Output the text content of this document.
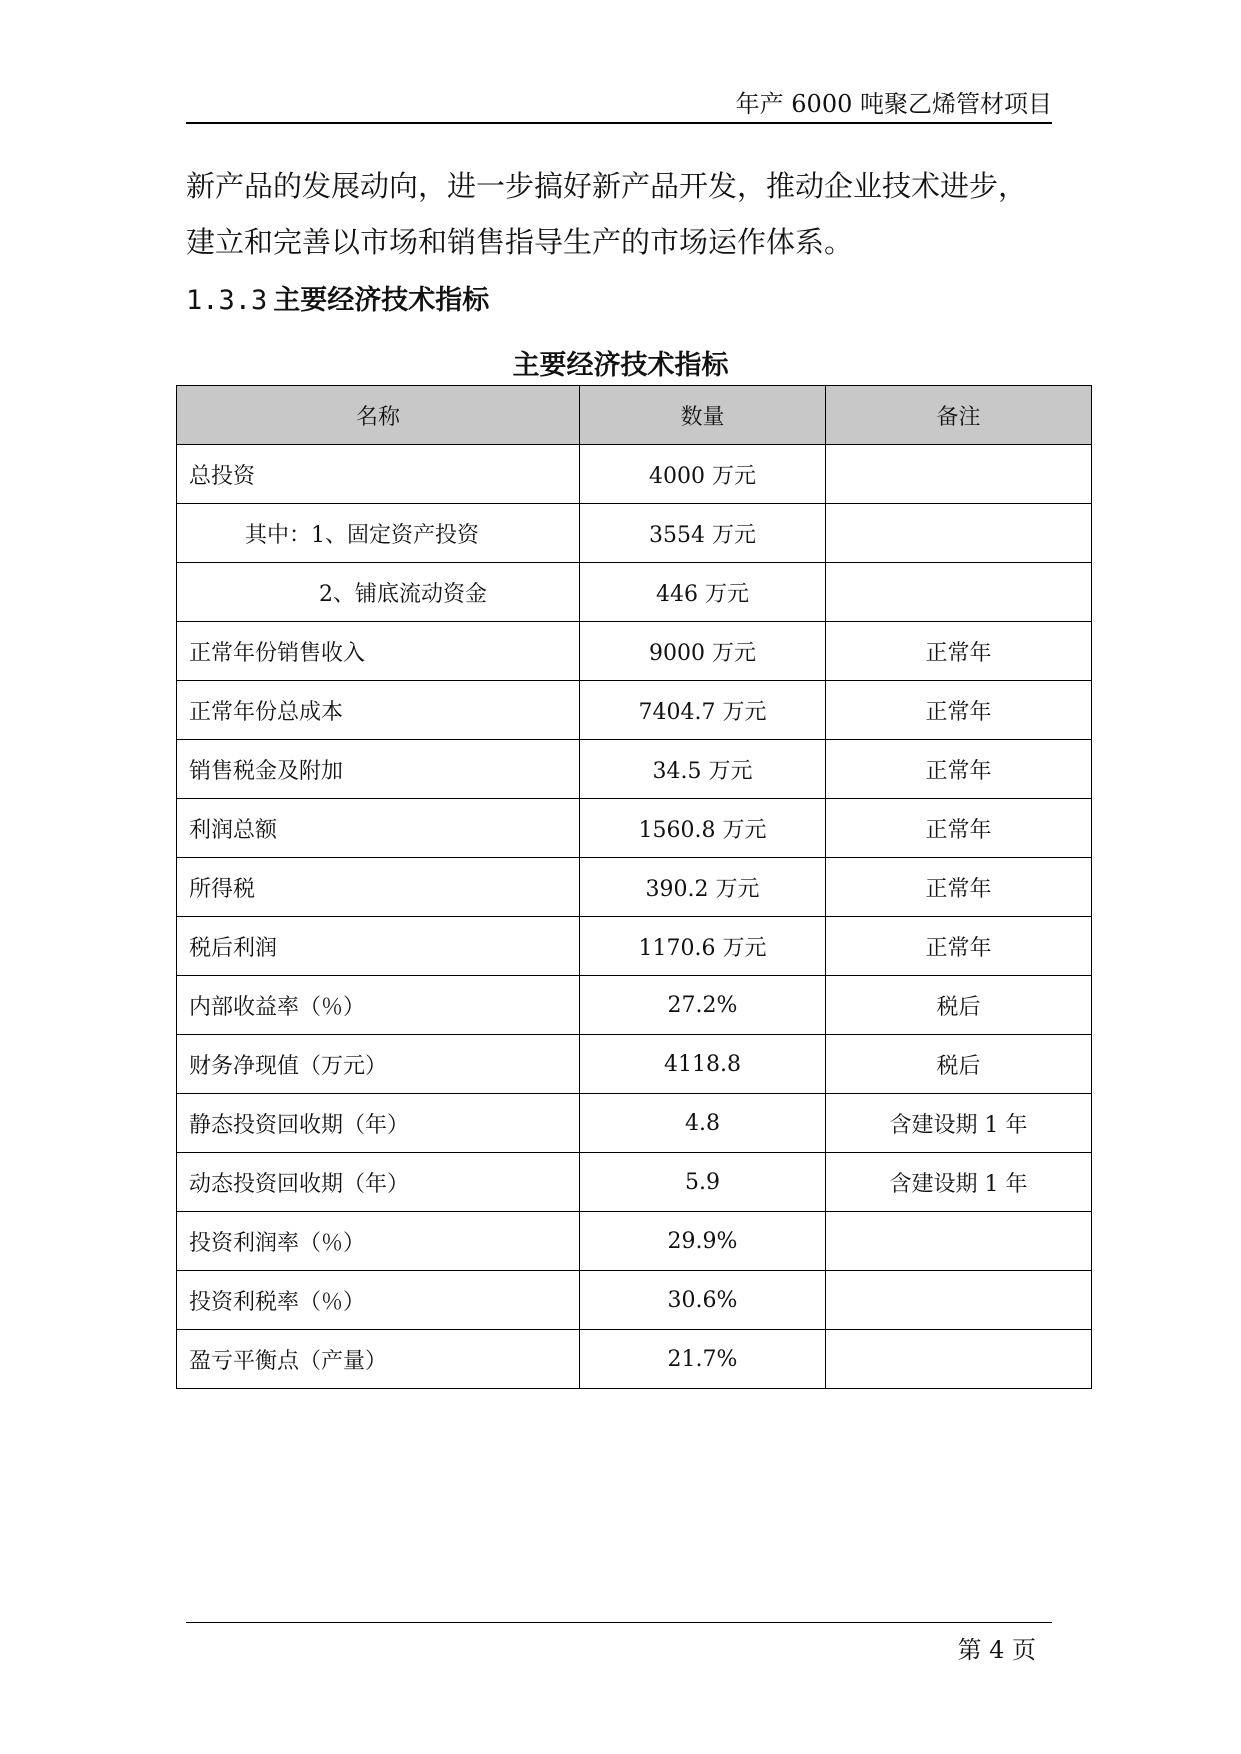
年产 6000 吨聚乙烯管材项目

新产品的发展动向，进一步搞好新产品开发，推动企业技术进步，建立和完善以市场和销售指导生产的市场运作体系。

1.3.3 主要经济技术指标
主要经济技术指标
名称	数量	备注
总投资	4000 万元	
其中：1、固定资产投资	3554 万元	
2、铺底流动资金	446 万元	
正常年份销售收入	9000 万元	正常年
正常年份总成本	7404.7 万元	正常年
销售税金及附加	34.5 万元	正常年
利润总额	1560.8 万元	正常年
所得税	390.2 万元	正常年
税后利润	1170.6 万元	正常年
内部收益率（％）	27.2%	税后
财务净现值（万元）	4118.8	税后
静态投资回收期（年）	4.8	含建设期 1 年
动态投资回收期（年）	5.9	含建设期 1 年
投资利润率（％）	29.9%	
投资利税率（％）	30.6%	
盈亏平衡点（产量）	21.7%	
第 4 页
